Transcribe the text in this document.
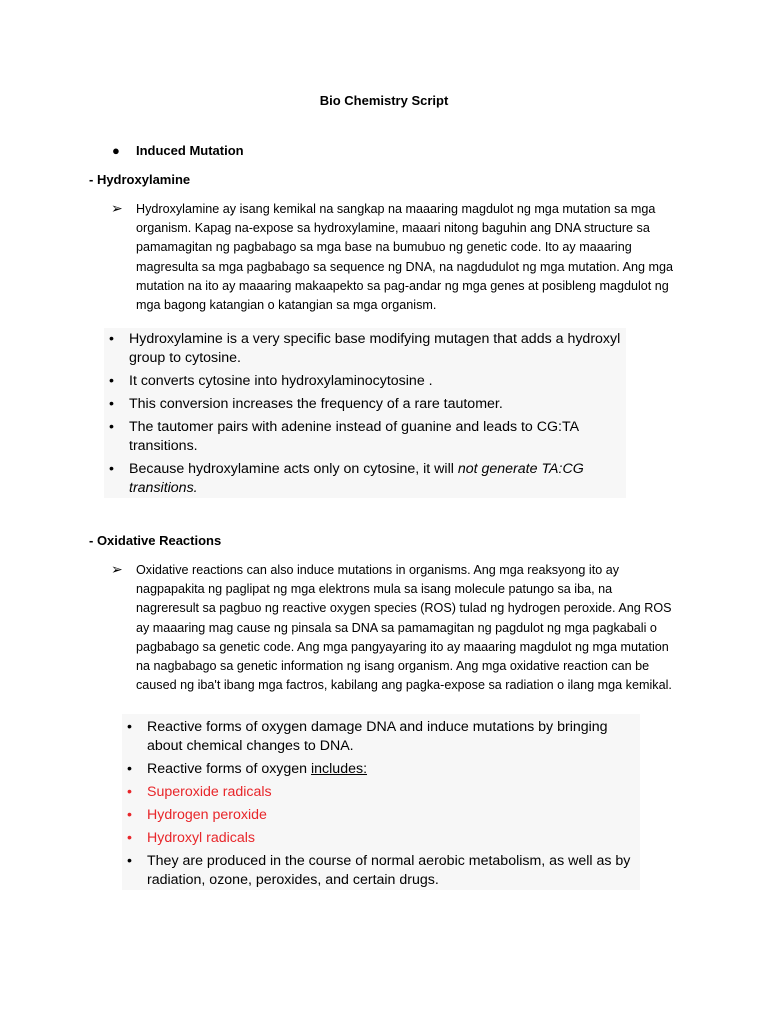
Bio Chemistry Script
● Induced Mutation
- Hydroxylamine
➢ Hydroxylamine ay isang kemikal na sangkap na maaaring magdulot ng mga mutation sa mga organism. Kapag na-expose sa hydroxylamine, maaari nitong baguhin ang DNA structure sa pamamagitan ng pagbabago sa mga base na bumubuo ng genetic code. Ito ay maaaring magresulta sa mga pagbabago sa sequence ng DNA, na nagdudulot ng mga mutation. Ang mga mutation na ito ay maaaring makaapekto sa pag-andar ng mga genes at posibleng magdulot ng mga bagong katangian o katangian sa mga organism.
• Hydroxylamine is a very specific base modifying mutagen that adds a hydroxyl group to cytosine.
• It converts cytosine into hydroxylaminocytosine .
• This conversion increases the frequency of a rare tautomer.
• The tautomer pairs with adenine instead of guanine and leads to CG:TA transitions.
• Because hydroxylamine acts only on cytosine, it will not generate TA:CG transitions.
- Oxidative Reactions
➢ Oxidative reactions can also induce mutations in organisms. Ang mga reaksyong ito ay nagpapakita ng paglipat ng mga elektrons mula sa isang molecule patungo sa iba, na nagreresult sa pagbuo ng reactive oxygen species (ROS) tulad ng hydrogen peroxide. Ang ROS ay maaaring mag cause ng pinsala sa DNA sa pamamagitan ng pagdulot ng mga pagkabali o pagbabago sa genetic code. Ang mga pangyayaring ito ay maaaring magdulot ng mga mutation na nagbabago sa genetic information ng isang organism. Ang mga oxidative reaction can be caused ng iba't ibang mga factros, kabilang ang pagka-expose sa radiation o ilang mga kemikal.
• Reactive forms of oxygen damage DNA and induce mutations by bringing about chemical changes to DNA.
• Reactive forms of oxygen includes:
• Superoxide radicals
• Hydrogen peroxide
• Hydroxyl radicals
• They are produced in the course of normal aerobic metabolism, as well as by radiation, ozone, peroxides, and certain drugs.
